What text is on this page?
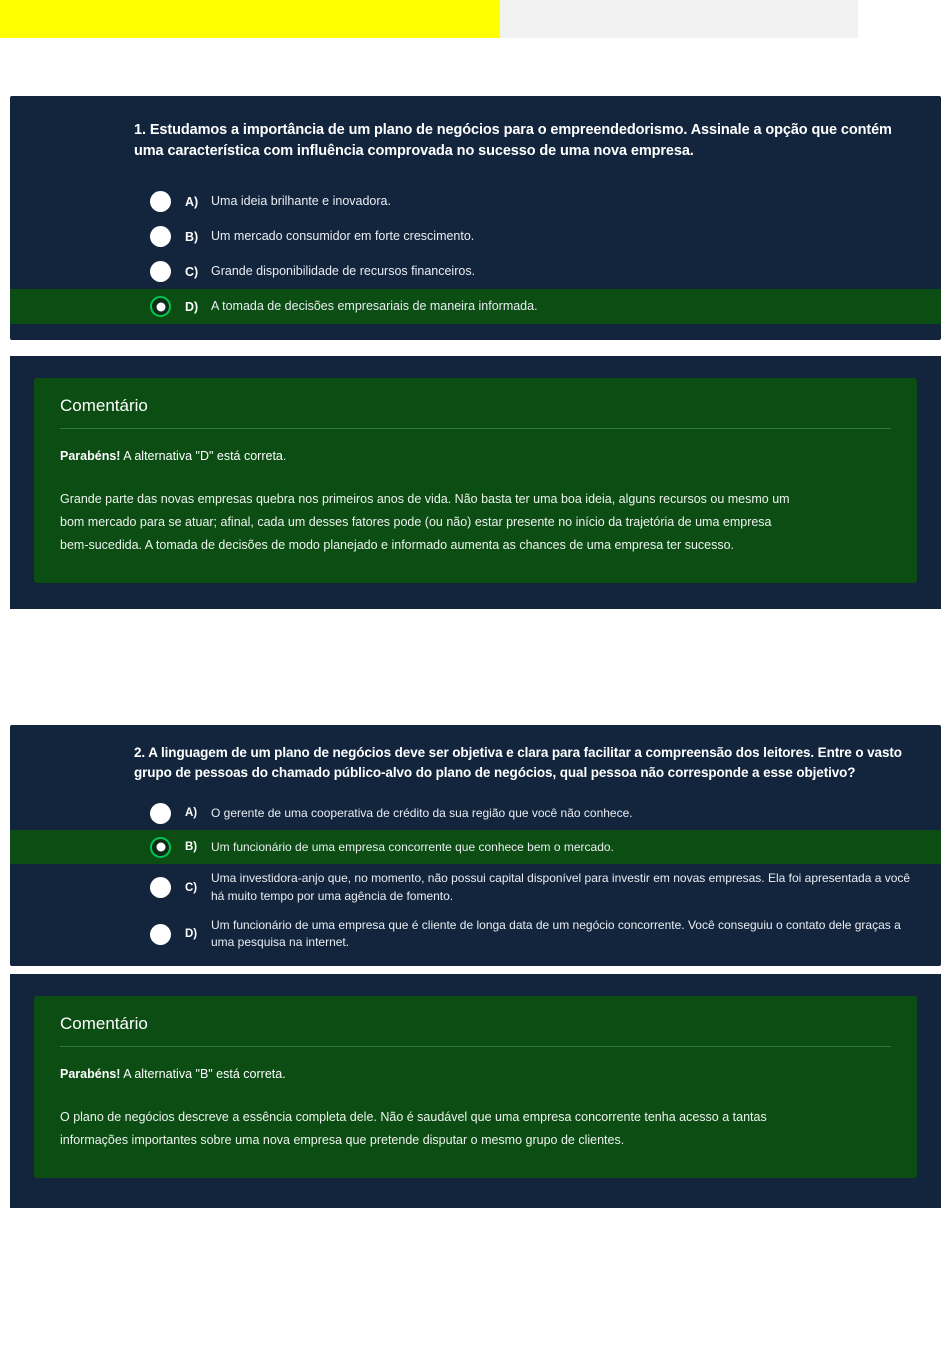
1. Estudamos a importância de um plano de negócios para o empreendedorismo. Assinale a opção que contém uma característica com influência comprovada no sucesso de uma nova empresa.

A)	Uma ideia brilhante e inovadora.
B)	Um mercado consumidor em forte crescimento.
C)	Grande disponibilidade de recursos financeiros.
D)	A tomada de decisões empresariais de maneira informada.
Comentário

Parabéns! A alternativa "D" está correta.

Grande parte das novas empresas quebra nos primeiros anos de vida. Não basta ter uma boa ideia, alguns recursos ou mesmo um bom mercado para se atuar; afinal, cada um desses fatores pode (ou não) estar presente no início da trajetória de uma empresa bem-sucedida. A tomada de decisões de modo planejado e informado aumenta as chances de uma empresa ter sucesso.

2. A linguagem de um plano de negócios deve ser objetiva e clara para facilitar a compreensão dos leitores. Entre o vasto grupo de pessoas do chamado público-alvo do plano de negócios, qual pessoa não corresponde a esse objetivo?

A)	O gerente de uma cooperativa de crédito da sua região que você não conhece.
B)	Um funcionário de uma empresa concorrente que conhece bem o mercado.
C)
Uma investidora-anjo que, no momento, não possui capital disponível para investir em novas empresas. Ela foi apresentada a você há muito tempo por uma agência de fomento.
D)
Um funcionário de uma empresa que é cliente de longa data de um negócio concorrente. Você conseguiu o contato dele graças a uma pesquisa na internet.
Comentário

Parabéns! A alternativa "B" está correta.

O plano de negócios descreve a essência completa dele. Não é saudável que uma empresa concorrente tenha acesso a tantas informações importantes sobre uma nova empresa que pretende disputar o mesmo grupo de clientes.
